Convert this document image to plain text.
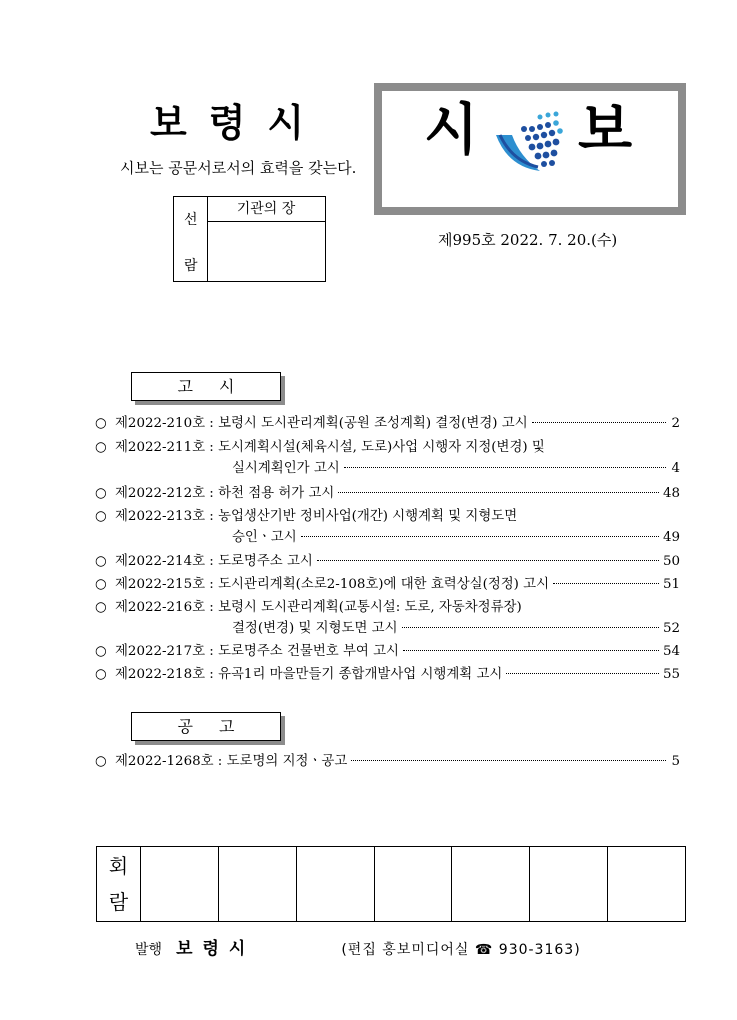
보령시
시보는 공문서로서의 효력을 갖는다.
선
람
기관의 장
시 보
제995호 2022. 7. 20.(수)
고시
○ 제2022-210호 : 보령시 도시관리계획(공원 조성계획) 결정(변경) 고시	2
○ 제2022-211호 : 도시계획시설(체육시설, 도로)사업 시행자 지정(변경) 및
실시계획인가 고시	4
○ 제2022-212호 : 하천 점용 허가 고시	48
○ 제2022-213호 : 농업생산기반 정비사업(개간) 시행계획 및 지형도면
승인ㆍ고시	49
○ 제2022-214호 : 도로명주소 고시	50
○ 제2022-215호 : 도시관리계획(소로2-108호)에 대한 효력상실(정정) 고시	51
○ 제2022-216호 : 보령시 도시관리계획(교통시설: 도로, 자동차정류장)
결정(변경) 및 지형도면 고시	52
○ 제2022-217호 : 도로명주소 건물번호 부여 고시	54
○ 제2022-218호 : 유곡1리 마을만들기 종합개발사업 시행계획 고시	55
공고
○ 제2022-1268호 : 도로명의 지정ㆍ공고	5
회
람

발행 보령시	(편집 홍보미디어실 ☎ 930-3163)
